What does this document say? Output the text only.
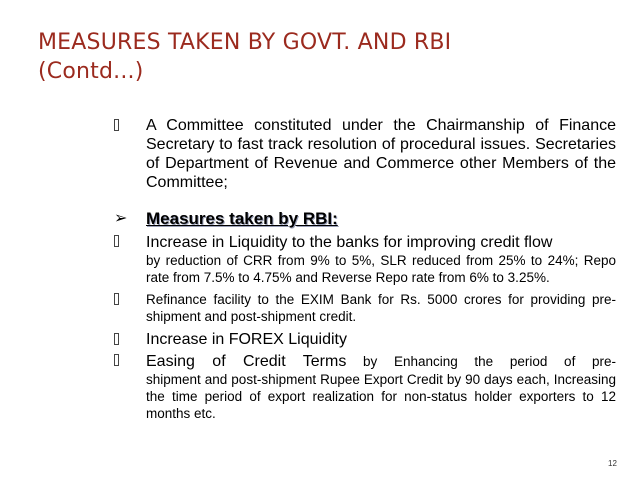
MEASURES TAKEN BY GOVT. AND RBI
(Contd...)
A Committee constituted under the Chairmanship of Finance Secretary to fast track resolution of procedural issues. Secretaries of Department of Revenue and Commerce other Members of the Committee;
➢ Measures taken by RBI:
Increase in Liquidity to the banks for improving credit flow
by reduction of CRR from 9% to 5%, SLR reduced from 25% to 24%; Repo rate from 7.5% to 4.75% and Reverse Repo rate from 6% to 3.25%.
Refinance facility to the EXIM Bank for Rs. 5000 crores for providing pre-shipment and post-shipment credit.
Increase in FOREX Liquidity
Easing of Credit Terms by Enhancing the period of pre-
shipment and post-shipment Rupee Export Credit by 90 days each, Increasing the time period of export realization for non-status holder exporters to 12 months etc.
12
